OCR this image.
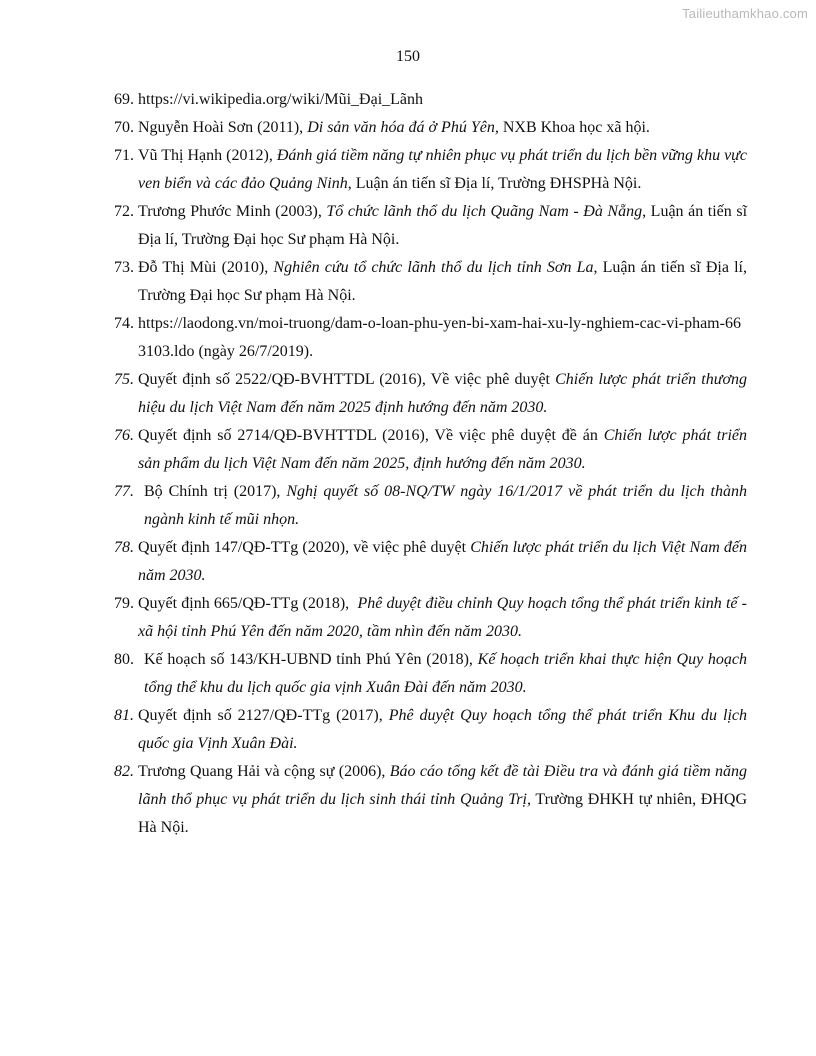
Tailieuthamkhao.com
150
69. https://vi.wikipedia.org/wiki/Mũi_Đại_Lãnh
70. Nguyễn Hoài Sơn (2011), Di sản văn hóa đá ở Phú Yên, NXB Khoa học xã hội.
71. Vũ Thị Hạnh (2012), Đánh giá tiềm năng tự nhiên phục vụ phát triển du lịch bền vững khu vực ven biển và các đảo Quảng Ninh, Luận án tiến sĩ Địa lí, Trường ĐHSPHà Nội.
72. Trương Phước Minh (2003), Tổ chức lãnh thổ du lịch Quãng Nam - Đà Nẵng, Luận án tiến sĩ Địa lí, Trường Đại học Sư phạm Hà Nội.
73. Đỗ Thị Mùi (2010), Nghiên cứu tổ chức lãnh thổ du lịch tỉnh Sơn La, Luận án tiến sĩ Địa lí, Trường Đại học Sư phạm Hà Nội.
74. https://laodong.vn/moi-truong/dam-o-loan-phu-yen-bi-xam-hai-xu-ly-nghiem-cac-vi-pham-663103.ldo (ngày 26/7/2019).
75. Quyết định số 2522/QĐ-BVHTTDL (2016), Về việc phê duyệt Chiến lược phát triển thương hiệu du lịch Việt Nam đến năm 2025 định hướng đến năm 2030.
76. Quyết định số 2714/QĐ-BVHTTDL (2016), Về việc phê duyệt đề án Chiến lược phát triển sản phẩm du lịch Việt Nam đến năm 2025, định hướng đến năm 2030.
77. Bộ Chính trị (2017), Nghị quyết số 08-NQ/TW ngày 16/1/2017 về phát triển du lịch thành ngành kinh tế mũi nhọn.
78. Quyết định 147/QĐ-TTg (2020), về việc phê duyệt Chiến lược phát triển du lịch Việt Nam đến năm 2030.
79. Quyết định 665/QĐ-TTg (2018),  Phê duyệt điều chỉnh Quy hoạch tổng thể phát triển kinh tế - xã hội tỉnh Phú Yên đến năm 2020, tầm nhìn đến năm 2030.
80. Kế hoạch số 143/KH-UBND tỉnh Phú Yên (2018), Kế hoạch triển khai thực hiện Quy hoạch tổng thể khu du lịch quốc gia vịnh Xuân Đài đến năm 2030.
81. Quyết định số 2127/QĐ-TTg (2017), Phê duyệt Quy hoạch tổng thể phát triển Khu du lịch quốc gia Vịnh Xuân Đài.
82. Trương Quang Hải và cộng sự (2006), Báo cáo tổng kết đề tài Điều tra và đánh giá tiềm năng lãnh thổ phục vụ phát triển du lịch sinh thái tỉnh Quảng Trị, Trường ĐHKH tự nhiên, ĐHQG Hà Nội.
